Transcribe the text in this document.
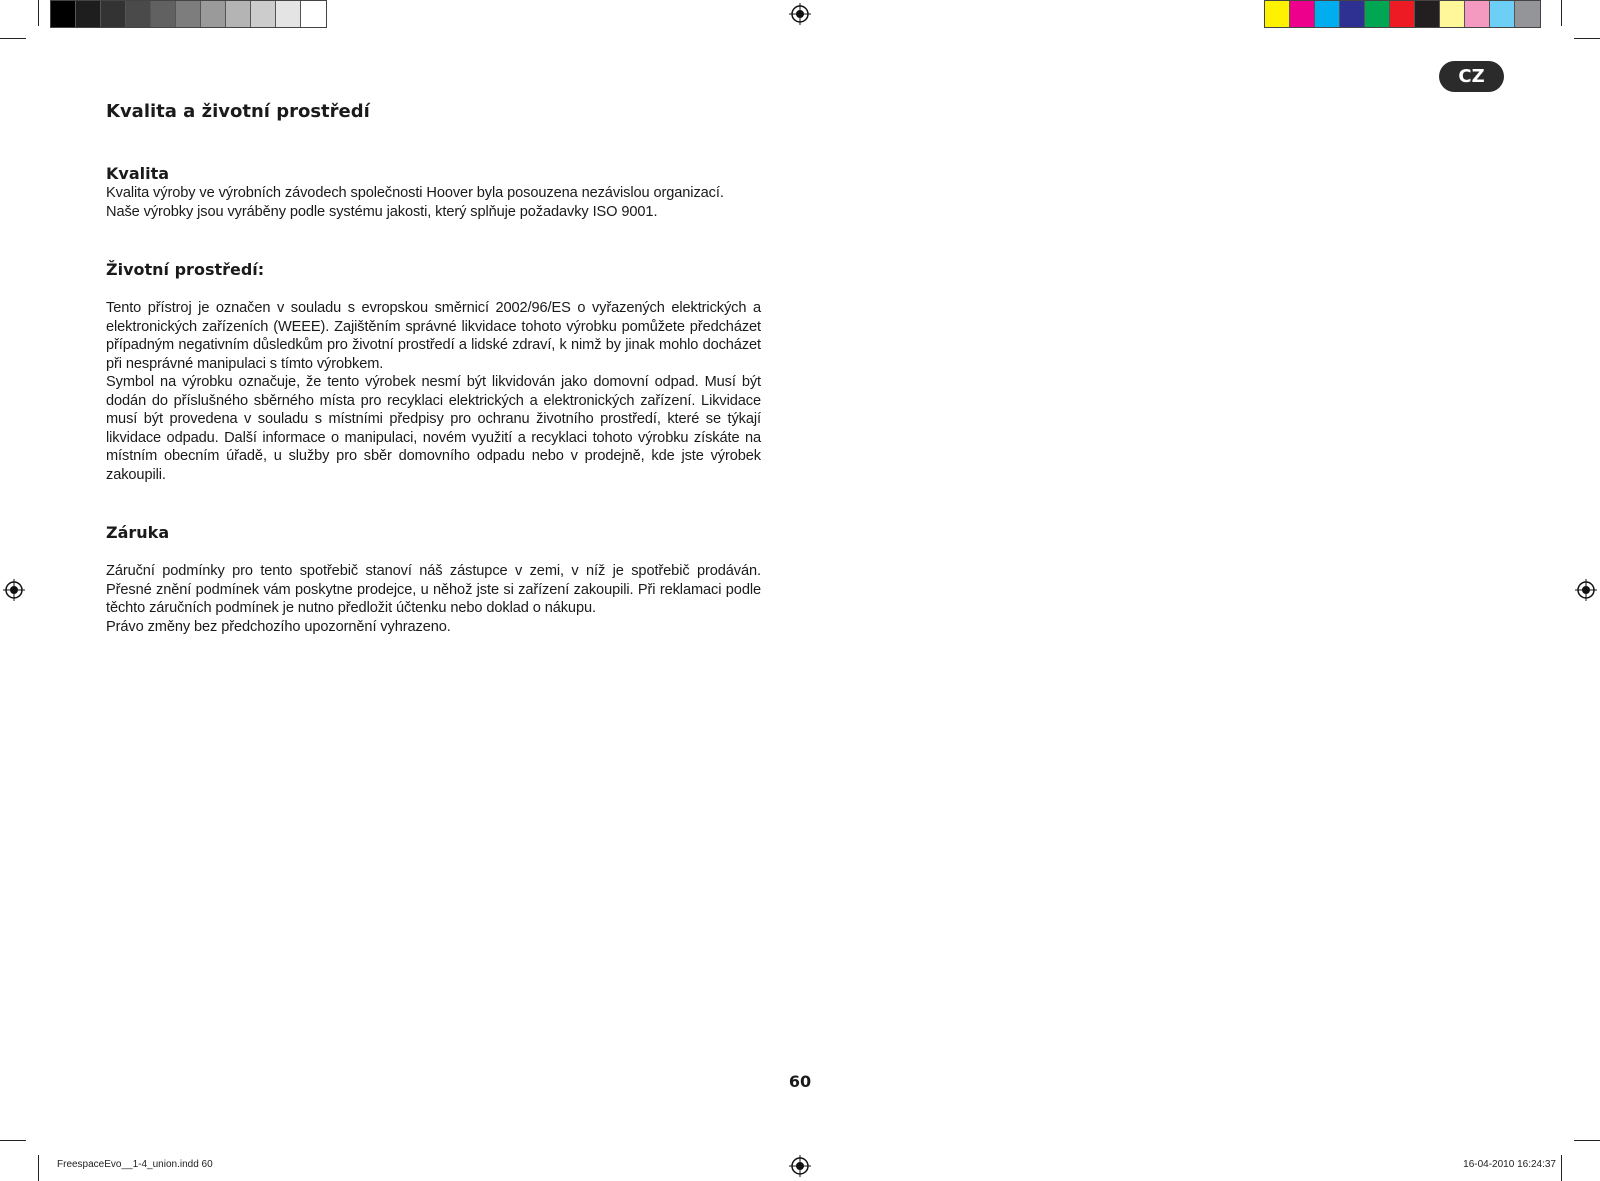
CZ
Kvalita a životní prostředí
Kvalita

Kvalita výroby ve výrobních závodech společnosti Hoover byla posouzena nezávislou organizací.

Naše výrobky jsou vyráběny podle systému jakosti, který splňuje požadavky ISO 9001.

Životní prostředí:

Tento přístroj je označen v souladu s evropskou směrnicí 2002/96/ES o vyřazených elektrických a elektronických zařízeních (WEEE). Zajištěním správné likvidace tohoto výrobku pomůžete předcházet případným negativním důsledkům pro životní prostředí a lidské zdraví, k nimž by jinak mohlo docházet při nesprávné manipulaci s tímto výrobkem.

Symbol na výrobku označuje, že tento výrobek nesmí být likvidován jako domovní odpad. Musí být dodán do příslušného sběrného místa pro recyklaci elektrických a elektronických zařízení. Likvidace musí být provedena v souladu s místními předpisy pro ochranu životního prostředí, které se týkají likvidace odpadu. Další informace o manipulaci, novém využití a recyklaci tohoto výrobku získáte na místním obecním úřadě, u služby pro sběr domovního odpadu nebo v prodejně, kde jste výrobek zakoupili.

Záruka

Záruční podmínky pro tento spotřebič stanoví náš zástupce v zemi, v níž je spotřebič prodáván. Přesné znění podmínek vám poskytne prodejce, u něhož jste si zařízení zakoupili. Při reklamaci podle těchto záručních podmínek je nutno předložit účtenku nebo doklad o nákupu.

Právo změny bez předchozího upozornění vyhrazeno.

60
FreespaceEvo__1-4_union.indd 60	16-04-2010 16:24:37
